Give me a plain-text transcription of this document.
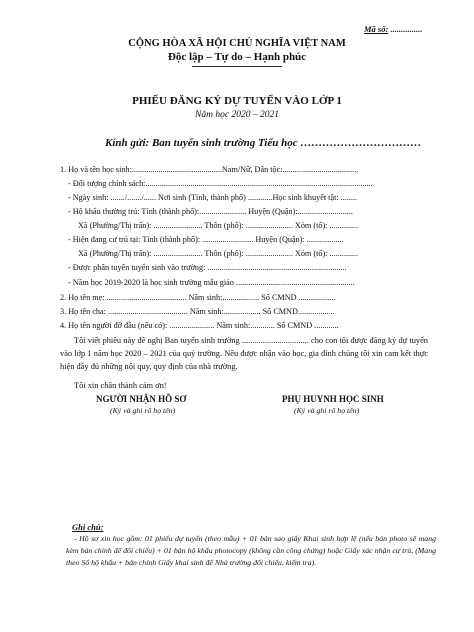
Mã số: ...............
CỘNG HÒA XÃ HỘI CHỦ NGHĨA VIỆT NAM
Độc lập – Tự do – Hạnh phúc
PHIẾU ĐĂNG KÝ DỰ TUYỂN VÀO LỚP 1
Năm học 2020 – 2021
Kính gửi: Ban tuyển sinh trường Tiểu học ……………………………
1. Họ và tên học sinh:............................................Nam/Nữ, Dân tộc:.....................................
- Đối tượng chính sách:...............................................................................................................
- Ngày sinh: ......./......./...... Nơi sinh (Tỉnh, thành phố) ............Học sinh khuyết tật: ........
- Hộ khẩu thường trú: Tỉnh (thành phố):....................... Huyện (Quận):...........................
Xã (Phường/Thị trấn): ........................ Thôn (phố): ....................... Xóm (tổ): ..............
- Hiện đang cư trú tại: Tỉnh (thành phố): ......................... Huyện (Quận): ..................
Xã (Phường/Thị trấn): ........................ Thôn (phố): ....................... Xóm (tổ): ..............
- Được phân tuyến tuyển sinh vào trường: ....................................................................
- Năm học 2019-2020 là học sinh trường mẫu giáo ..........................................................
2. Họ tên mẹ: ....................................... Năm sinh:.................. Số CMND ..................
3. Họ tên cha: ....................................... Năm sinh:.................. Số CMND..................
4. Họ tên người đỡ đầu (nếu có): ...................... Năm sinh:............ Số CMND ............

Tôi viết phiếu này đề nghị Ban tuyển sinh trường ................................ cho con tôi được đăng ký dự tuyển vào lớp 1 năm học 2020 – 2021 của quý trường. Nếu được nhận vào học, gia đình chúng tôi xin cam kết thực hiện đầy đủ những nội quy, quy định của nhà trường.

Tôi xin chân thành cảm ơn!
NGƯỜI NHẬN HỒ SƠ
(Ký và ghi rõ họ tên)
PHỤ HUYNH HỌC SINH
(Ký và ghi rõ họ tên)
Ghi chú:

- Hồ sơ xin học gồm: 01 phiếu dự tuyển (theo mẫu) + 01 bản sao giấy Khai sinh hợp lệ (nếu bản photo sẽ mang kèm bản chính để đối chiếu) + 01 bản hộ khẩu photocopy (không cần công chứng) hoặc Giấy xác nhận cư trú, (Mang theo Sổ hộ khẩu + bản chính Giấy khai sinh để Nhà trường đối chiếu, kiểm tra).
